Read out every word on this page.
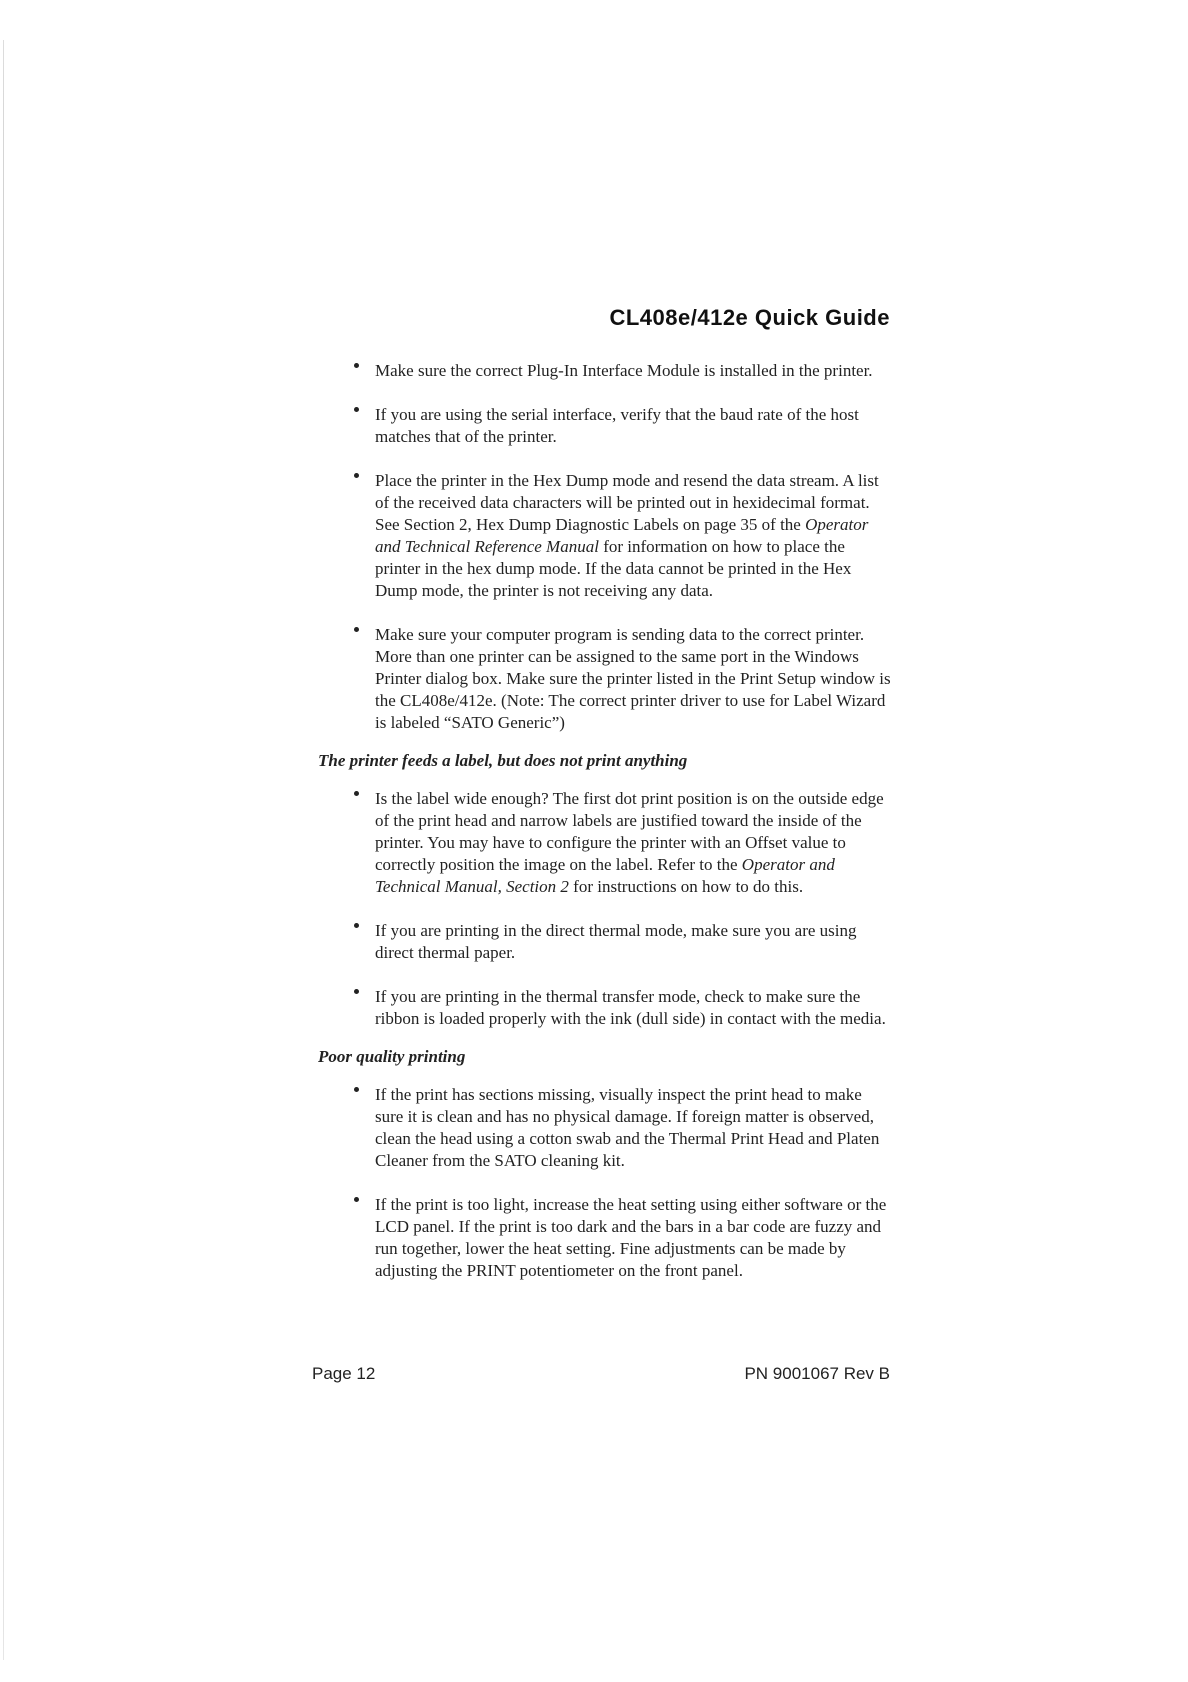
CL408e/412e Quick Guide
Make sure the correct Plug-In Interface Module is installed in the printer.
If you are using the serial interface, verify that the baud rate of the host matches that of the printer.
Place the printer in the Hex Dump mode and resend the data stream. A list of the received data characters will be printed out in hexidecimal format. See Section 2, Hex Dump Diagnostic Labels on page 35 of the Operator and Technical Reference Manual for information on how to place the printer in the hex dump mode. If the data cannot be printed in the Hex Dump mode, the printer is not receiving any data.
Make sure your computer program is sending data to the correct printer. More than one printer can be assigned to the same port in the Windows Printer dialog box. Make sure the printer listed in the Print Setup window is the CL408e/412e. (Note: The correct printer driver to use for Label Wizard is labeled “SATO Generic”)
The printer feeds a label, but does not print anything
Is the label wide enough? The first dot print position is on the outside edge of the print head and narrow labels are justified toward the inside of the printer. You may have to configure the printer with an Offset value to correctly position the image on the label. Refer to the Operator and Technical Manual, Section 2 for instructions on how to do this.
If you are printing in the direct thermal mode, make sure you are using direct thermal paper.
If you are printing in the thermal transfer mode, check to make sure the ribbon is loaded properly with the ink (dull side) in contact with the media.
Poor quality printing
If the print has sections missing, visually inspect the print head to make sure it is clean and has no physical damage. If foreign matter is observed, clean the head using a cotton swab and the Thermal Print Head and Platen Cleaner from the SATO cleaning kit.
If the print is too light, increase the heat setting using either software or the LCD panel. If the print is too dark and the bars in a bar code are fuzzy and run together, lower the heat setting. Fine adjustments can be made by adjusting the PRINT potentiometer on the front panel.
Page 12	PN 9001067 Rev B
